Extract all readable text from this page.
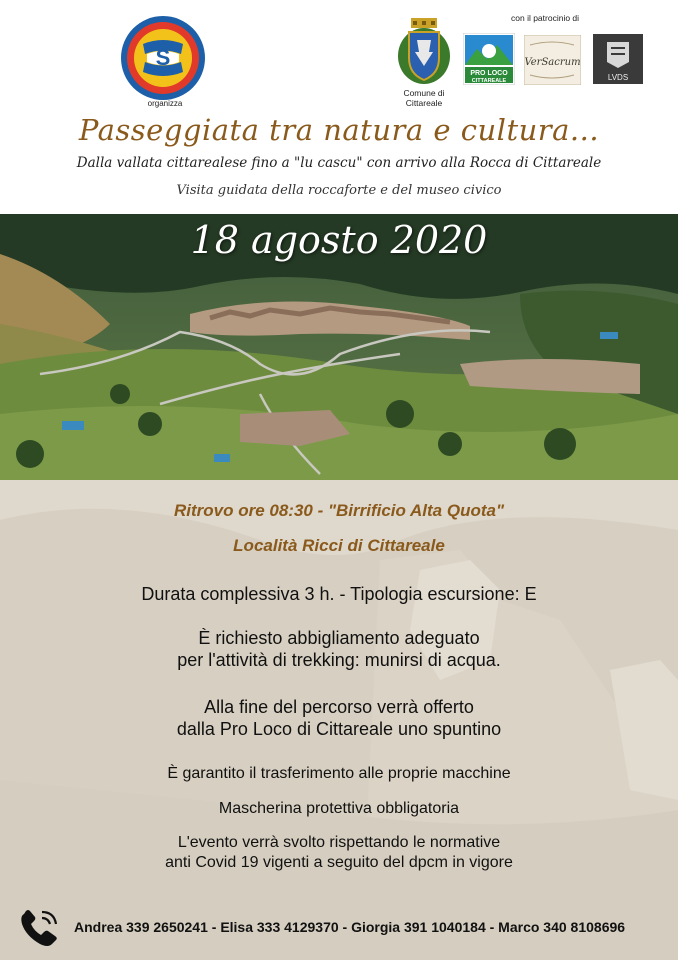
S
organizza
Comune di
Cittareale
con il patrocinio di
PRO LOCO
CITTAREALE
VerSacrum
LVDS
Passeggiata tra natura e cultura...
Dalla vallata cittarealese fino a "lu cascu" con arrivo alla Rocca di Cittareale
Visita guidata della roccaforte e del museo civico
18 agosto 2020
Ritrovo ore 08:30 - "Birrificio Alta Quota"
Località Ricci di Cittareale
Durata complessiva 3 h. - Tipologia escursione: E
È richiesto abbigliamento adeguato
per l'attività di trekking: munirsi di acqua.
Alla fine del percorso verrà offerto
dalla Pro Loco di Cittareale uno spuntino
È garantito il trasferimento alle proprie macchine
Mascherina protettiva obbligatoria
L'evento verrà svolto rispettando le normative
anti Covid 19 vigenti a seguito del dpcm in vigore
Andrea 339 2650241 - Elisa 333 4129370 - Giorgia 391 1040184 - Marco 340 8108696
